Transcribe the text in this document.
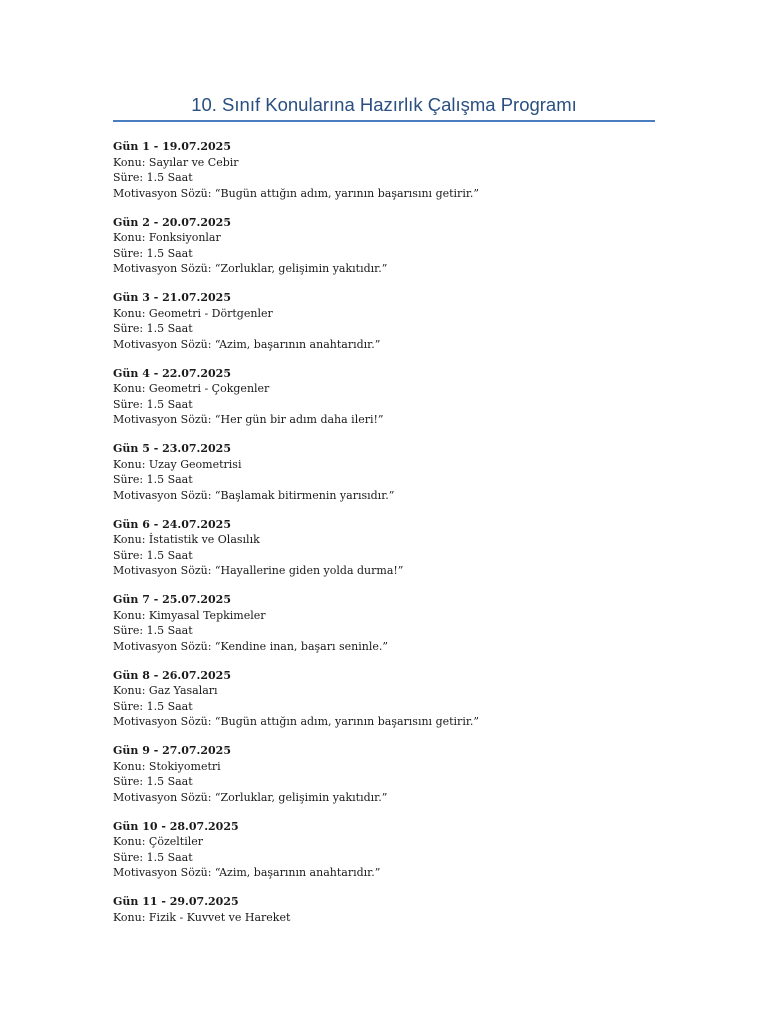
10. Sınıf Konularına Hazırlık Çalışma Programı

Gün 1 - 19.07.2025

Konu: Sayılar ve Cebir

Süre: 1.5 Saat

Motivasyon Sözü: “Bugün attığın adım, yarının başarısını getirir.”

Gün 2 - 20.07.2025

Konu: Fonksiyonlar

Süre: 1.5 Saat

Motivasyon Sözü: “Zorluklar, gelişimin yakıtıdır.”

Gün 3 - 21.07.2025

Konu: Geometri - Dörtgenler

Süre: 1.5 Saat

Motivasyon Sözü: “Azim, başarının anahtarıdır.”

Gün 4 - 22.07.2025

Konu: Geometri - Çokgenler

Süre: 1.5 Saat

Motivasyon Sözü: “Her gün bir adım daha ileri!”

Gün 5 - 23.07.2025

Konu: Uzay Geometrisi

Süre: 1.5 Saat

Motivasyon Sözü: “Başlamak bitirmenin yarısıdır.”

Gün 6 - 24.07.2025

Konu: İstatistik ve Olasılık

Süre: 1.5 Saat

Motivasyon Sözü: “Hayallerine giden yolda durma!”

Gün 7 - 25.07.2025

Konu: Kimyasal Tepkimeler

Süre: 1.5 Saat

Motivasyon Sözü: “Kendine inan, başarı seninle.”

Gün 8 - 26.07.2025

Konu: Gaz Yasaları

Süre: 1.5 Saat

Motivasyon Sözü: “Bugün attığın adım, yarının başarısını getirir.”

Gün 9 - 27.07.2025

Konu: Stokiyometri

Süre: 1.5 Saat

Motivasyon Sözü: “Zorluklar, gelişimin yakıtıdır.”

Gün 10 - 28.07.2025

Konu: Çözeltiler

Süre: 1.5 Saat

Motivasyon Sözü: “Azim, başarının anahtarıdır.”

Gün 11 - 29.07.2025

Konu: Fizik - Kuvvet ve Hareket
